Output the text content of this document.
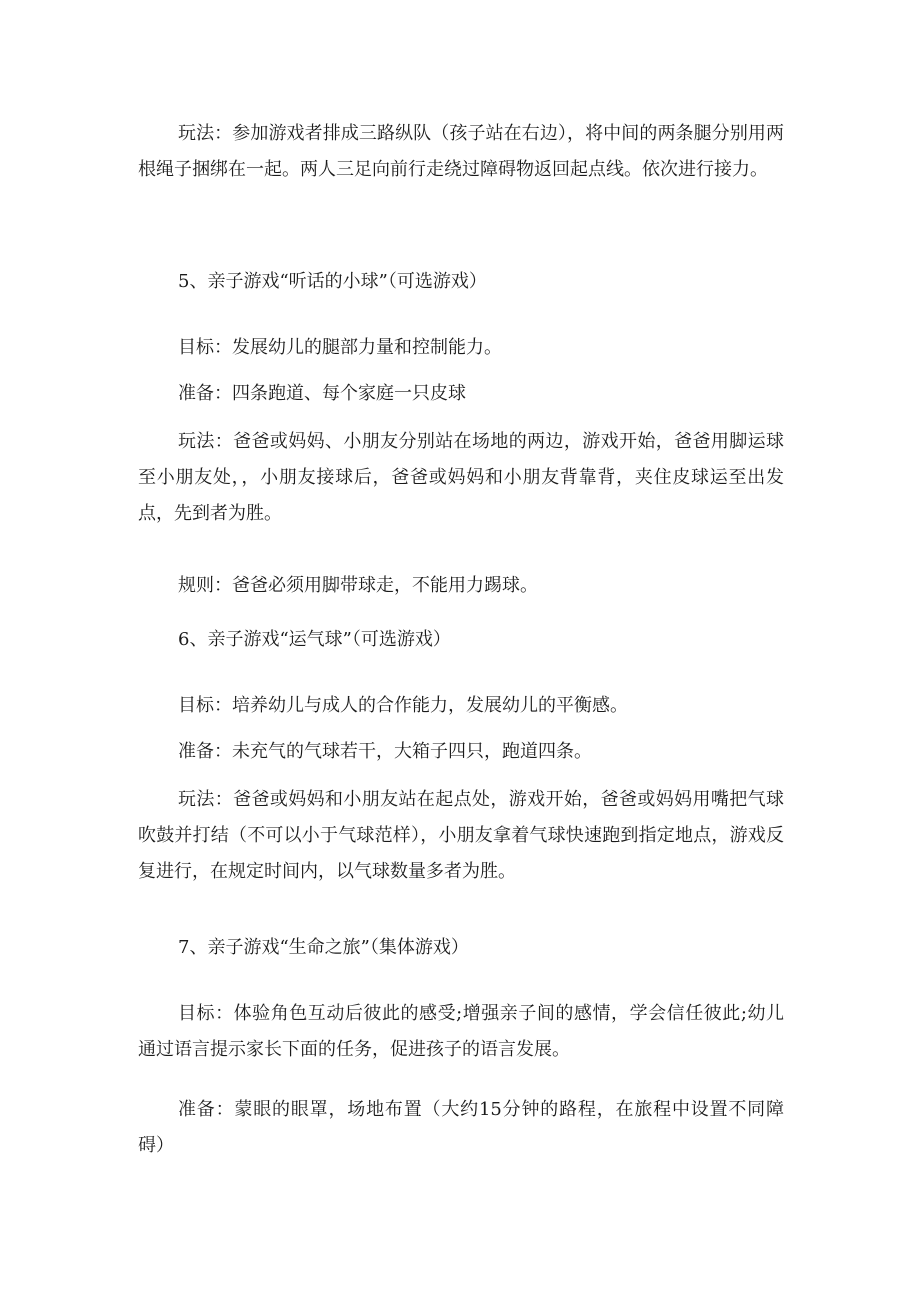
玩法：参加游戏者排成三路纵队（孩子站在右边），将中间的两条腿分别用两根绳子捆绑在一起。两人三足向前行走绕过障碍物返回起点线。依次进行接力。

5、亲子游戏“听话的小球”（可选游戏）

目标：发展幼儿的腿部力量和控制能力。

准备：四条跑道、每个家庭一只皮球

玩法：爸爸或妈妈、小朋友分别站在场地的两边，游戏开始，爸爸用脚运球至小朋友处，，小朋友接球后，爸爸或妈妈和小朋友背靠背，夹住皮球运至出发点，先到者为胜。

规则：爸爸必须用脚带球走，不能用力踢球。

6、亲子游戏“运气球”（可选游戏）

目标：培养幼儿与成人的合作能力，发展幼儿的平衡感。

准备：未充气的气球若干，大箱子四只，跑道四条。

玩法：爸爸或妈妈和小朋友站在起点处，游戏开始，爸爸或妈妈用嘴把气球吹鼓并打结（不可以小于气球范样），小朋友拿着气球快速跑到指定地点，游戏反复进行，在规定时间内，以气球数量多者为胜。

7、亲子游戏“生命之旅”（集体游戏）

目标：体验角色互动后彼此的感受;增强亲子间的感情，学会信任彼此;幼儿通过语言提示家长下面的任务，促进孩子的语言发展。

准备：蒙眼的眼罩，场地布置（大约15分钟的路程，在旅程中设置不同障碍）
